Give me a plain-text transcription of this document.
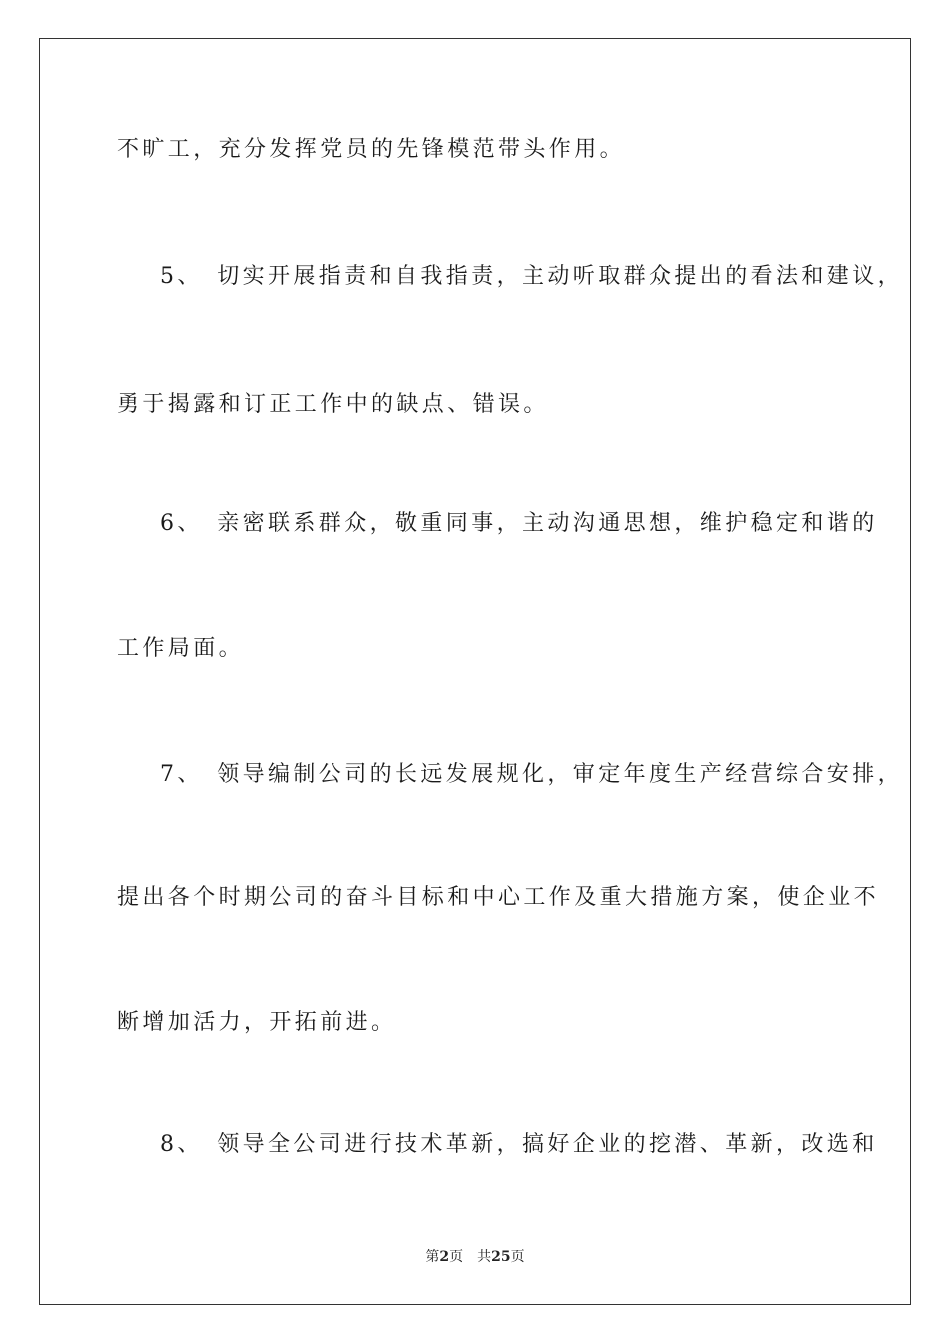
不旷工，充分发挥党员的先锋模范带头作用。
5、　切实开展指责和自我指责，主动听取群众提出的看法和建议，
勇于揭露和订正工作中的缺点、错误。
6、　亲密联系群众，敬重同事，主动沟通思想，维护稳定和谐的
工作局面。
7、　领导编制公司的长远发展规化，审定年度生产经营综合安排，
提出各个时期公司的奋斗目标和中心工作及重大措施方案，使企业不
断增加活力，开拓前进。
8、　领导全公司进行技术革新，搞好企业的挖潜、革新，改选和
第2页 共25页
